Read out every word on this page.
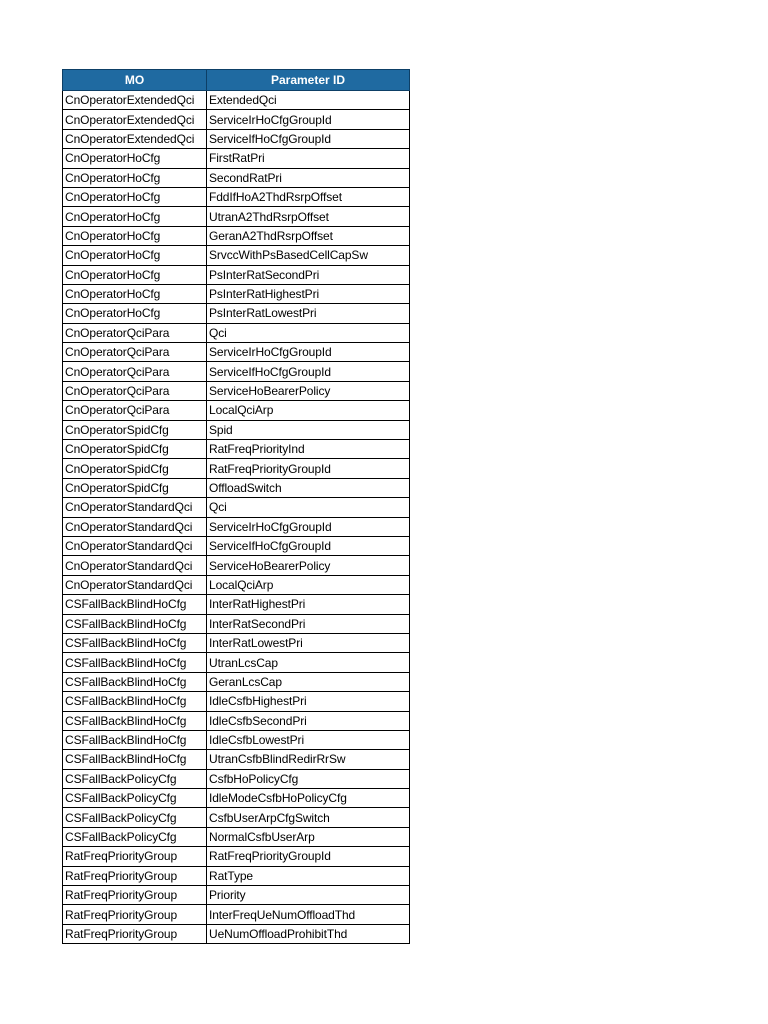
MO	Parameter ID
CnOperatorExtendedQci	ExtendedQci
CnOperatorExtendedQci	ServiceIrHoCfgGroupId
CnOperatorExtendedQci	ServiceIfHoCfgGroupId
CnOperatorHoCfg	FirstRatPri
CnOperatorHoCfg	SecondRatPri
CnOperatorHoCfg	FddIfHoA2ThdRsrpOffset
CnOperatorHoCfg	UtranA2ThdRsrpOffset
CnOperatorHoCfg	GeranA2ThdRsrpOffset
CnOperatorHoCfg	SrvccWithPsBasedCellCapSw
CnOperatorHoCfg	PsInterRatSecondPri
CnOperatorHoCfg	PsInterRatHighestPri
CnOperatorHoCfg	PsInterRatLowestPri
CnOperatorQciPara	Qci
CnOperatorQciPara	ServiceIrHoCfgGroupId
CnOperatorQciPara	ServiceIfHoCfgGroupId
CnOperatorQciPara	ServiceHoBearerPolicy
CnOperatorQciPara	LocalQciArp
CnOperatorSpidCfg	Spid
CnOperatorSpidCfg	RatFreqPriorityInd
CnOperatorSpidCfg	RatFreqPriorityGroupId
CnOperatorSpidCfg	OffloadSwitch
CnOperatorStandardQci	Qci
CnOperatorStandardQci	ServiceIrHoCfgGroupId
CnOperatorStandardQci	ServiceIfHoCfgGroupId
CnOperatorStandardQci	ServiceHoBearerPolicy
CnOperatorStandardQci	LocalQciArp
CSFallBackBlindHoCfg	InterRatHighestPri
CSFallBackBlindHoCfg	InterRatSecondPri
CSFallBackBlindHoCfg	InterRatLowestPri
CSFallBackBlindHoCfg	UtranLcsCap
CSFallBackBlindHoCfg	GeranLcsCap
CSFallBackBlindHoCfg	IdleCsfbHighestPri
CSFallBackBlindHoCfg	IdleCsfbSecondPri
CSFallBackBlindHoCfg	IdleCsfbLowestPri
CSFallBackBlindHoCfg	UtranCsfbBlindRedirRrSw
CSFallBackPolicyCfg	CsfbHoPolicyCfg
CSFallBackPolicyCfg	IdleModeCsfbHoPolicyCfg
CSFallBackPolicyCfg	CsfbUserArpCfgSwitch
CSFallBackPolicyCfg	NormalCsfbUserArp
RatFreqPriorityGroup	RatFreqPriorityGroupId
RatFreqPriorityGroup	RatType
RatFreqPriorityGroup	Priority
RatFreqPriorityGroup	InterFreqUeNumOffloadThd
RatFreqPriorityGroup	UeNumOffloadProhibitThd
